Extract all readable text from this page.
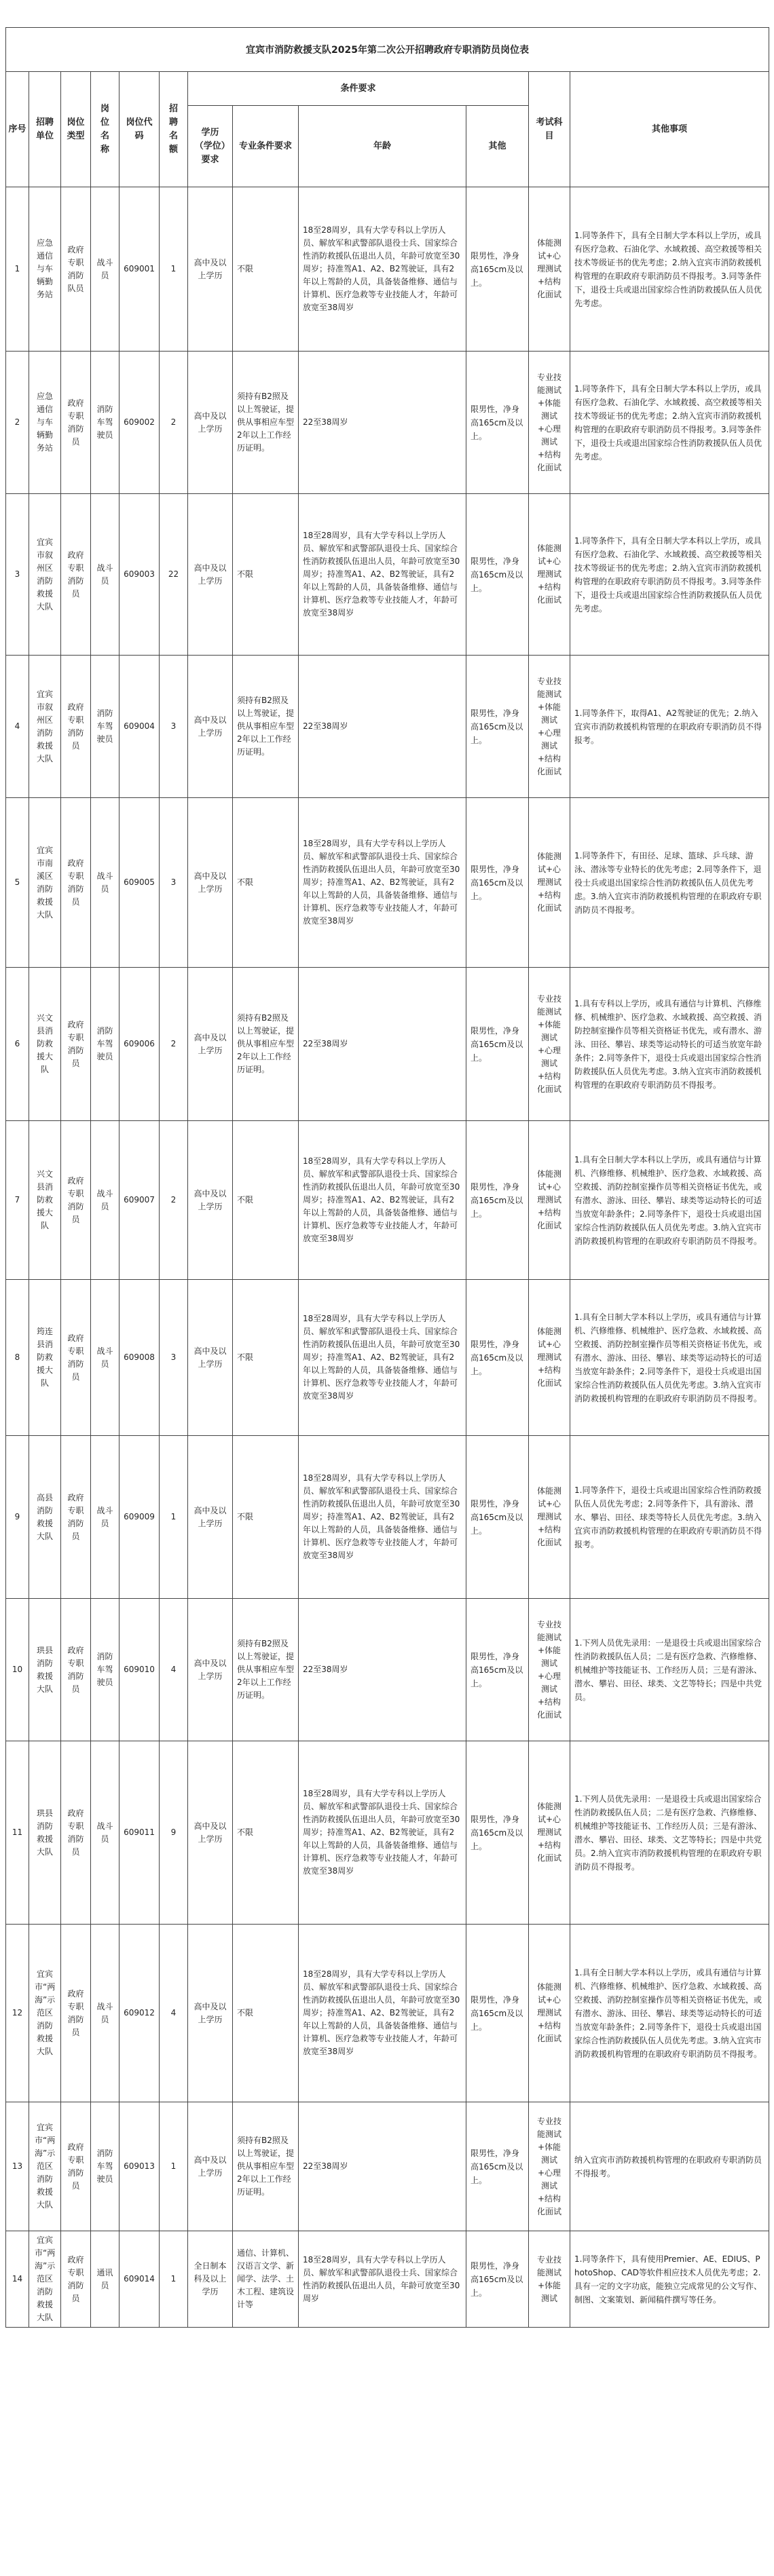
宜宾市消防救援支队2025年第二次公开招聘政府专职消防员岗位表											
序号	招聘单位	岗位类型	岗位名称	岗位代码	招聘名额	条件要求				考试科目	其他事项
						学历（学位）要求	专业条件要求	年龄	其他		
1	应急通信与车辆勤务站	政府专职消防队员	战斗员	609001	1	高中及以上学历	不限	18至28周岁，具有大学专科以上学历人员、解放军和武警部队退役士兵、国家综合性消防救援队伍退出人员，年龄可放宽至30周岁；持准驾A1、A2、B2驾驶证，具有2年以上驾龄的人员，具备装备维修、通信与计算机、医疗急救等专业技能人才，年龄可放宽至38周岁	限男性，净身高165cm及以上。	体能测试+心理测试+结构化面试	1.同等条件下，具有全日制大学本科以上学历，或具有医疗急救、石油化学、水域救援、高空救援等相关技术等级证书的优先考虑；2.纳入宜宾市消防救援机构管理的在职政府专职消防员不得报考。3.同等条件下，退役士兵或退出国家综合性消防救援队伍人员优先考虑。
2	应急通信与车辆勤务站	政府专职消防员	消防车驾驶员	609002	2	高中及以上学历	须持有B2照及以上驾驶证，提供从事相应车型2年以上工作经历证明。	22至38周岁	限男性，净身高165cm及以上。	专业技能测试+体能测试+心理测试+结构化面试	1.同等条件下，具有全日制大学本科以上学历，或具有医疗急救、石油化学、水域救援、高空救援等相关技术等级证书的优先考虑；2.纳入宜宾市消防救援机构管理的在职政府专职消防员不得报考。3.同等条件下，退役士兵或退出国家综合性消防救援队伍人员优先考虑。
3	宜宾市叙州区消防救援大队	政府专职消防员	战斗员	609003	22	高中及以上学历	不限	18至28周岁，具有大学专科以上学历人员、解放军和武警部队退役士兵、国家综合性消防救援队伍退出人员，年龄可放宽至30周岁；持准驾A1、A2、B2驾驶证，具有2年以上驾龄的人员，具备装备维修、通信与计算机、医疗急救等专业技能人才，年龄可放宽至38周岁	限男性，净身高165cm及以上。	体能测试+心理测试+结构化面试	1.同等条件下，具有全日制大学本科以上学历，或具有医疗急救、石油化学、水域救援、高空救援等相关技术等级证书的优先考虑；2.纳入宜宾市消防救援机构管理的在职政府专职消防员不得报考。3.同等条件下，退役士兵或退出国家综合性消防救援队伍人员优先考虑。
4	宜宾市叙州区消防救援大队	政府专职消防员	消防车驾驶员	609004	3	高中及以上学历	须持有B2照及以上驾驶证，提供从事相应车型2年以上工作经历证明。	22至38周岁	限男性，净身高165cm及以上。	专业技能测试+体能测试+心理测试+结构化面试	1.同等条件下，取得A1、A2驾驶证的优先；2.纳入宜宾市消防救援机构管理的在职政府专职消防员不得报考。
5	宜宾市南溪区消防救援大队	政府专职消防员	战斗员	609005	3	高中及以上学历	不限	18至28周岁，具有大学专科以上学历人员、解放军和武警部队退役士兵、国家综合性消防救援队伍退出人员，年龄可放宽至30周岁；持准驾A1、A2、B2驾驶证，具有2年以上驾龄的人员，具备装备维修、通信与计算机、医疗急救等专业技能人才，年龄可放宽至38周岁	限男性，净身高165cm及以上。	体能测试+心理测试+结构化面试	1.同等条件下，有田径、足球、篮球、乒乓球、游泳、潜泳等专业特长的优先考虑；2.同等条件下，退役士兵或退出国家综合性消防救援队伍人员优先考虑。3.纳入宜宾市消防救援机构管理的在职政府专职消防员不得报考。
6	兴文县消防救援大队	政府专职消防员	消防车驾驶员	609006	2	高中及以上学历	须持有B2照及以上驾驶证，提供从事相应车型2年以上工作经历证明。	22至38周岁	限男性，净身高165cm及以上。	专业技能测试+体能测试+心理测试+结构化面试	1.具有专科以上学历，或具有通信与计算机、汽修维修、机械维护、医疗急救、水域救援、高空救援、消防控制室操作员等相关资格证书优先，或有潜水、游泳、田径、攀岩、球类等运动特长的可适当放宽年龄条件；2.同等条件下，退役士兵或退出国家综合性消防救援队伍人员优先考虑。3.纳入宜宾市消防救援机构管理的在职政府专职消防员不得报考。
7	兴文县消防救援大队	政府专职消防员	战斗员	609007	2	高中及以上学历	不限	18至28周岁，具有大学专科以上学历人员、解放军和武警部队退役士兵、国家综合性消防救援队伍退出人员，年龄可放宽至30周岁；持准驾A1、A2、B2驾驶证，具有2年以上驾龄的人员，具备装备维修、通信与计算机、医疗急救等专业技能人才，年龄可放宽至38周岁	限男性，净身高165cm及以上。	体能测试+心理测试+结构化面试	1.具有全日制大学本科以上学历，或具有通信与计算机、汽修维修、机械维护、医疗急救、水域救援、高空救援、消防控制室操作员等相关资格证书优先，或有潜水、游泳、田径、攀岩、球类等运动特长的可适当放宽年龄条件；2.同等条件下，退役士兵或退出国家综合性消防救援队伍人员优先考虑。3.纳入宜宾市消防救援机构管理的在职政府专职消防员不得报考。
8	筠连县消防救援大队	政府专职消防员	战斗员	609008	3	高中及以上学历	不限	18至28周岁，具有大学专科以上学历人员、解放军和武警部队退役士兵、国家综合性消防救援队伍退出人员，年龄可放宽至30周岁；持准驾A1、A2、B2驾驶证，具有2年以上驾龄的人员，具备装备维修、通信与计算机、医疗急救等专业技能人才，年龄可放宽至38周岁	限男性，净身高165cm及以上。	体能测试+心理测试+结构化面试	1.具有全日制大学本科以上学历，或具有通信与计算机、汽修维修、机械维护、医疗急救、水域救援、高空救援、消防控制室操作员等相关资格证书优先，或有潜水、游泳、田径、攀岩、球类等运动特长的可适当放宽年龄条件；2.同等条件下，退役士兵或退出国家综合性消防救援队伍人员优先考虑。3.纳入宜宾市消防救援机构管理的在职政府专职消防员不得报考。
9	高县消防救援大队	政府专职消防员	战斗员	609009	1	高中及以上学历	不限	18至28周岁，具有大学专科以上学历人员、解放军和武警部队退役士兵、国家综合性消防救援队伍退出人员，年龄可放宽至30周岁；持准驾A1、A2、B2驾驶证，具有2年以上驾龄的人员，具备装备维修、通信与计算机、医疗急救等专业技能人才，年龄可放宽至38周岁	限男性，净身高165cm及以上。	体能测试+心理测试+结构化面试	1.同等条件下，退役士兵或退出国家综合性消防救援队伍人员优先考虑；2.同等条件下，具有游泳、潜水、攀岩、田径、球类等特长人员优先考虑。3.纳入宜宾市消防救援机构管理的在职政府专职消防员不得报考。
10	珙县消防救援大队	政府专职消防员	消防车驾驶员	609010	4	高中及以上学历	须持有B2照及以上驾驶证，提供从事相应车型2年以上工作经历证明。	22至38周岁	限男性，净身高165cm及以上。	专业技能测试+体能测试+心理测试+结构化面试	1.下列人员优先录用：一是退役士兵或退出国家综合性消防救援队伍人员；二是有医疗急救、汽修维修、机械维护等技能证书、工作经历人员；三是有游泳、潜水、攀岩、田径、球类、文艺等特长；四是中共党员。
11	珙县消防救援大队	政府专职消防员	战斗员	609011	9	高中及以上学历	不限	18至28周岁，具有大学专科以上学历人员、解放军和武警部队退役士兵、国家综合性消防救援队伍退出人员，年龄可放宽至30周岁；持准驾A1、A2、B2驾驶证，具有2年以上驾龄的人员，具备装备维修、通信与计算机、医疗急救等专业技能人才，年龄可放宽至38周岁	限男性，净身高165cm及以上。	体能测试+心理测试+结构化面试	1.下列人员优先录用：一是退役士兵或退出国家综合性消防救援队伍人员；二是有医疗急救、汽修维修、机械维护等技能证书、工作经历人员；三是有游泳、潜水、攀岩、田径、球类、文艺等特长；四是中共党员。2.纳入宜宾市消防救援机构管理的在职政府专职消防员不得报考。
12	宜宾市“两海”示范区消防救援大队	政府专职消防员	战斗员	609012	4	高中及以上学历	不限	18至28周岁，具有大学专科以上学历人员、解放军和武警部队退役士兵、国家综合性消防救援队伍退出人员，年龄可放宽至30周岁；持准驾A1、A2、B2驾驶证，具有2年以上驾龄的人员，具备装备维修、通信与计算机、医疗急救等专业技能人才，年龄可放宽至38周岁	限男性，净身高165cm及以上。	体能测试+心理测试+结构化面试	1.具有全日制大学本科以上学历，或具有通信与计算机、汽修维修、机械维护、医疗急救、水域救援、高空救援、消防控制室操作员等相关资格证书优先，或有潜水、游泳、田径、攀岩、球类等运动特长的可适当放宽年龄条件；2.同等条件下，退役士兵或退出国家综合性消防救援队伍人员优先考虑。3.纳入宜宾市消防救援机构管理的在职政府专职消防员不得报考。
13	宜宾市“两海”示范区消防救援大队	政府专职消防员	消防车驾驶员	609013	1	高中及以上学历	须持有B2照及以上驾驶证，提供从事相应车型2年以上工作经历证明。	22至38周岁	限男性，净身高165cm及以上。	专业技能测试+体能测试+心理测试+结构化面试	纳入宜宾市消防救援机构管理的在职政府专职消防员不得报考。
14	宜宾市“两海”示范区消防救援大队	政府专职消防员	通讯员	609014	1	全日制本科及以上学历	通信、计算机、汉语言文学、新闻学、法学、土木工程、建筑设计等	18至28周岁，具有大学专科以上学历人员、解放军和武警部队退役士兵、国家综合性消防救援队伍退出人员，年龄可放宽至30周岁	限男性，净身高165cm及以上。	专业技能测试+体能测试	1.同等条件下，具有使用Premier、AE、EDIUS、PhotoShop、CAD等软件相应技术人员优先考虑；2.具有一定的文字功底，能独立完成常见的公文写作、制图、文案策划、新闻稿件撰写等任务。
